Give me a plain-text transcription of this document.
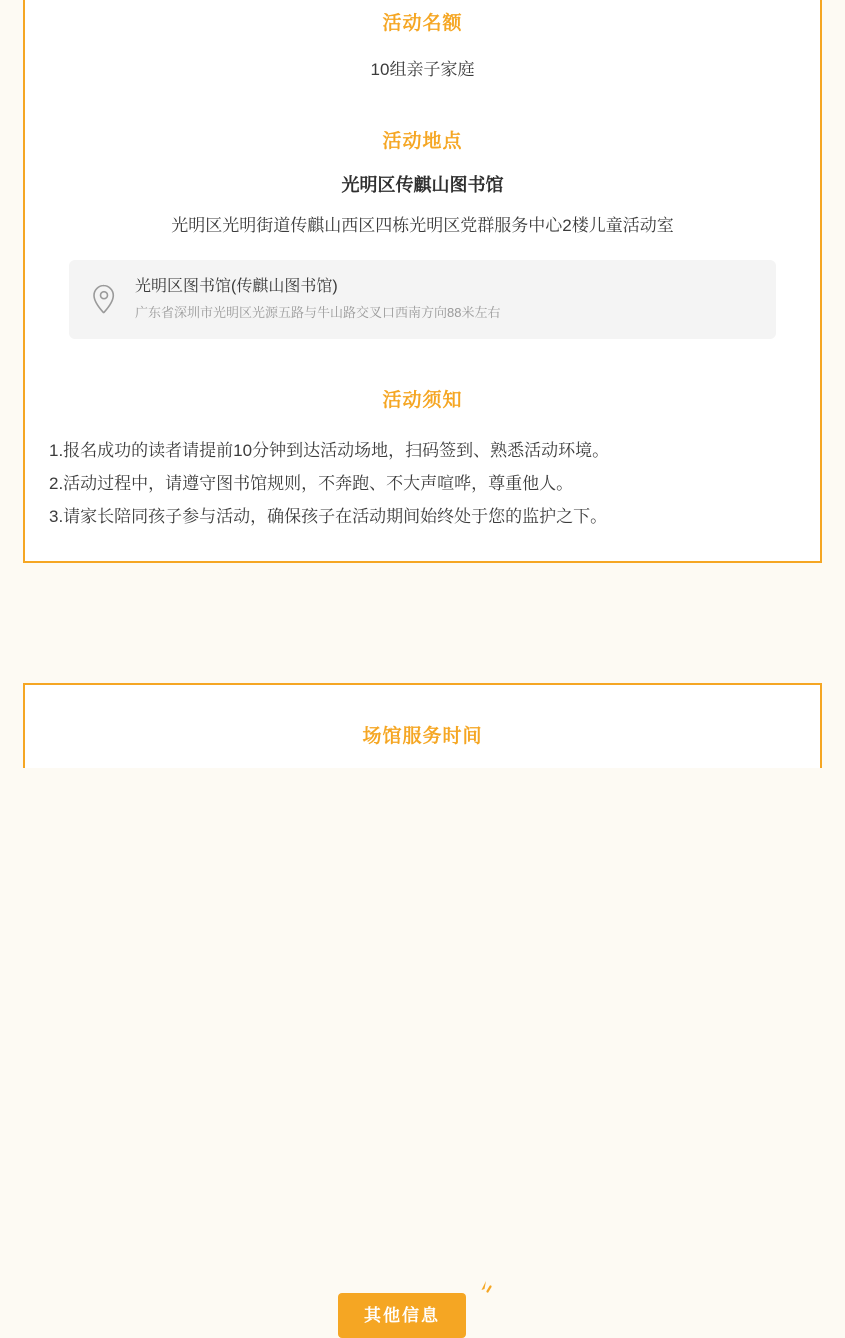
活动名额
10组亲子家庭
活动地点
光明区传麒山图书馆
光明区光明街道传麒山西区四栋光明区党群服务中心2楼儿童活动室
光明区图书馆(传麒山图书馆)
广东省深圳市光明区光源五路与牛山路交叉口西南方向88米左右
活动须知

1.报名成功的读者请提前10分钟到达活动场地，扫码签到、熟悉活动环境。

2.活动过程中，请遵守图书馆规则，不奔跑、不大声喧哗，尊重他人。

3.请家长陪同孩子参与活动，确保孩子在活动期间始终处于您的监护之下。

其他信息
场馆服务时间
